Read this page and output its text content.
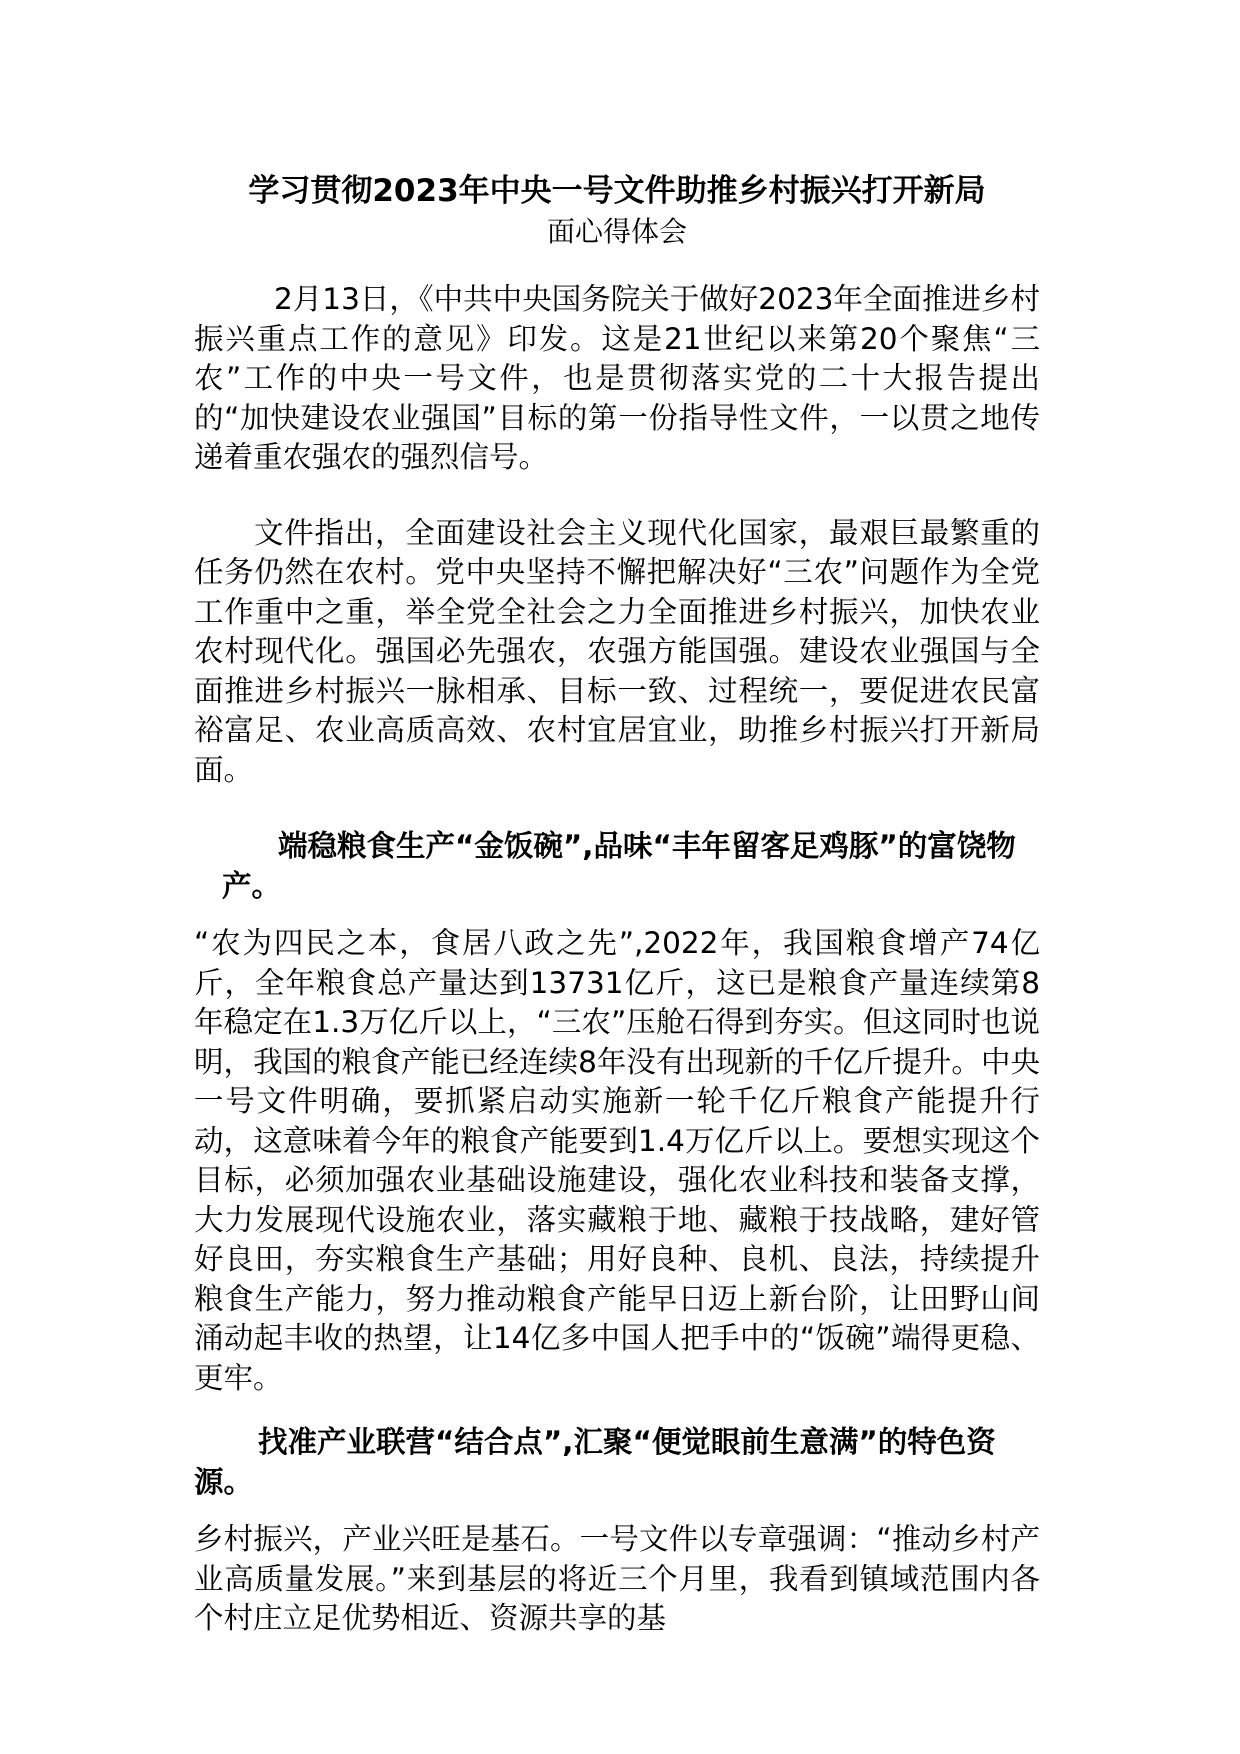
学习贯彻2023年中央一号文件助推乡村振兴打开新局
面心得体会

2月13日，《中共中央国务院关于做好2023年全面推进乡村振兴重点工作的意见》印发。这是21世纪以来第20个聚焦“三农”工作的中央一号文件，也是贯彻落实党的二十大报告提出的“加快建设农业强国”目标的第一份指导性文件，一以贯之地传递着重农强农的强烈信号。

文件指出，全面建设社会主义现代化国家，最艰巨最繁重的任务仍然在农村。党中央坚持不懈把解决好“三农”问题作为全党工作重中之重，举全党全社会之力全面推进乡村振兴，加快农业农村现代化。强国必先强农，农强方能国强。建设农业强国与全面推进乡村振兴一脉相承、目标一致、过程统一，要促进农民富裕富足、农业高质高效、农村宜居宜业，助推乡村振兴打开新局面。

端稳粮食生产“金饭碗”,品味“丰年留客足鸡豚”的富饶物产。

“农为四民之本，食居八政之先”,2022年，我国粮食增产74亿斤，全年粮食总产量达到13731亿斤，这已是粮食产量连续第8年稳定在1.3万亿斤以上，“三农”压舱石得到夯实。但这同时也说明，我国的粮食产能已经连续8年没有出现新的千亿斤提升。中央一号文件明确，要抓紧启动实施新一轮千亿斤粮食产能提升行动，这意味着今年的粮食产能要到1.4万亿斤以上。要想实现这个目标，必须加强农业基础设施建设，强化农业科技和装备支撑，大力发展现代设施农业，落实藏粮于地、藏粮于技战略，建好管好良田，夯实粮食生产基础；用好良种、良机、良法，持续提升粮食生产能力，努力推动粮食产能早日迈上新台阶，让田野山间涌动起丰收的热望，让14亿多中国人把手中的“饭碗”端得更稳、更牢。

找准产业联营“结合点”,汇聚“便觉眼前生意满”的特色资源。

乡村振兴，产业兴旺是基石。一号文件以专章强调：“推动乡村产业高质量发展。”来到基层的将近三个月里，我看到镇域范围内各个村庄立足优势相近、资源共享的基
